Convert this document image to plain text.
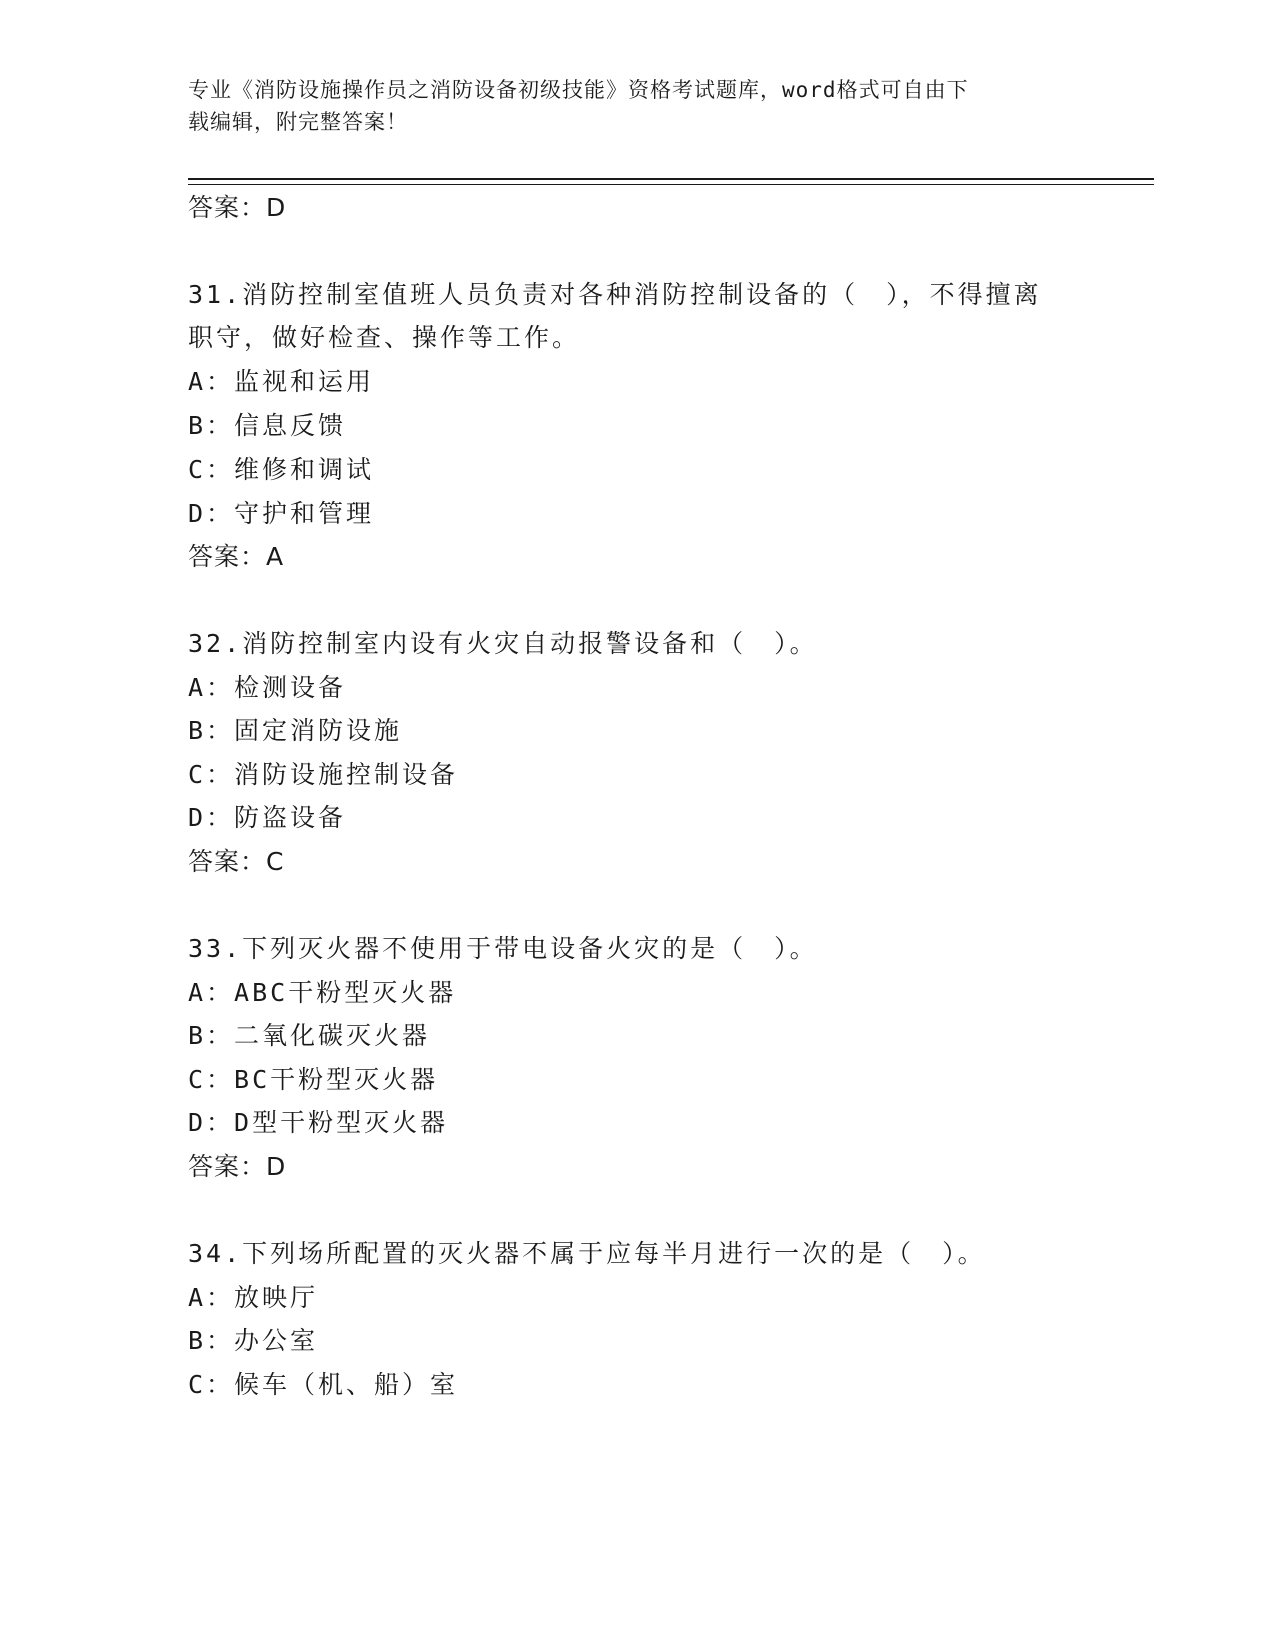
专业《消防设施操作员之消防设备初级技能》资格考试题库，word格式可自由下
载编辑，附完整答案！
答案：D
31.消防控制室值班人员负责对各种消防控制设备的（　），不得擅离
职守，做好检查、操作等工作。
A：监视和运用
B：信息反馈
C：维修和调试
D：守护和管理
答案：A
32.消防控制室内设有火灾自动报警设备和（　）。
A：检测设备
B：固定消防设施
C：消防设施控制设备
D：防盗设备
答案：C
33.下列灭火器不使用于带电设备火灾的是（　）。
A：ABC干粉型灭火器
B：二氧化碳灭火器
C：BC干粉型灭火器
D：D型干粉型灭火器
答案：D
34.下列场所配置的灭火器不属于应每半月进行一次的是（　）。
A：放映厅
B：办公室
C：候车（机、船）室
